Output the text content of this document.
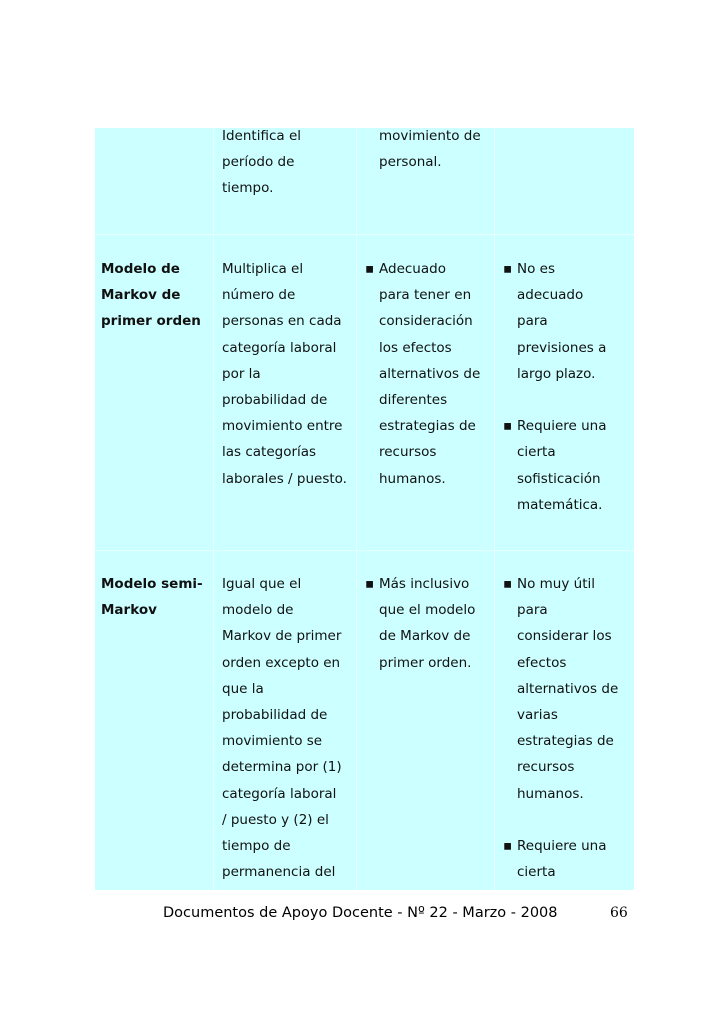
Identifica el
período de
tiempo.
movimiento de
personal.
Modelo de
Markov de
primer orden
Multiplica el
número de
personas en cada
categoría laboral
por la
probabilidad de
movimiento entre
las categorías
laborales / puesto.
▪ Adecuado
para tener en
consideración
los efectos
alternativos de
diferentes
estrategias de
recursos
humanos.
▪ No es
adecuado
para
previsiones a
largo plazo.
▪ Requiere una
cierta
sofisticación
matemática.
Modelo semi-
Markov
Igual que el
modelo de
Markov de primer
orden excepto en
que la
probabilidad de
movimiento se
determina por (1)
categoría laboral
/ puesto y (2) el
tiempo de
permanencia del
▪ Más inclusivo
que el modelo
de Markov de
primer orden.
▪ No muy útil
para
considerar los
efectos
alternativos de
varias
estrategias de
recursos
humanos.
▪ Requiere una
cierta
Documentos de Apoyo Docente - Nº 22 - Marzo - 2008	66
